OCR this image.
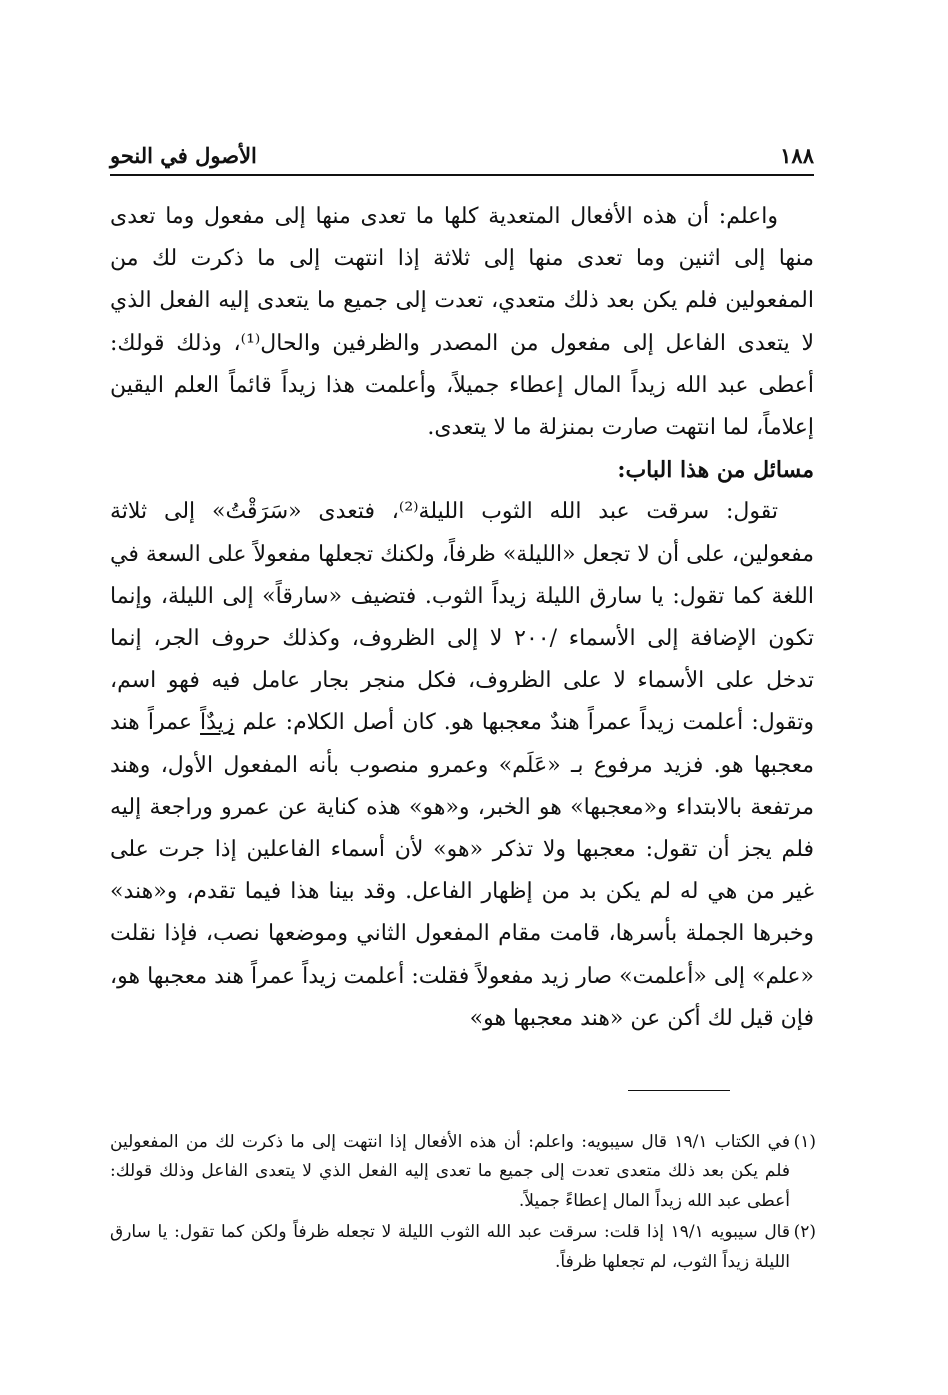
١٨٨
الأصول في النحو

واعلم: أن هذه الأفعال المتعدية كلها ما تعدى منها إلى مفعول وما تعدى منها إلى اثنين وما تعدى منها إلى ثلاثة إذا انتهت إلى ما ذكرت لك من المفعولين فلم يكن بعد ذلك متعدي، تعدت إلى جميع ما يتعدى إليه الفعل الذي لا يتعدى الفاعل إلى مفعول من المصدر والظرفين والحال⁽¹⁾، وذلك قولك: أعطى عبد الله زيداً المال إعطاء جميلاً، وأعلمت هذا زيداً قائماً العلم اليقين إعلاماً، لما انتهت صارت بمنزلة ما لا يتعدى.

مسائل من هذا الباب:

تقول: سرقت عبد الله الثوب الليلة⁽²⁾، فتعدى «سَرَقْتُ» إلى ثلاثة مفعولين، على أن لا تجعل «الليلة» ظرفاً، ولكنك تجعلها مفعولاً على السعة في اللغة كما تقول: يا سارق الليلة زيداً الثوب. فتضيف «سارقاً» إلى الليلة، وإنما تكون الإضافة إلى الأسماء /٢٠٠ لا إلى الظروف، وكذلك حروف الجر، إنما تدخل على الأسماء لا على الظروف، فكل منجر بجار عامل فيه فهو اسم، وتقول: أعلمت زيداً عمراً هندٌ معجبها هو. كان أصل الكلام: علم زيدٌاً عمراً هند معجبها هو. فزيد مرفوع بـ «عَلَم» وعمرو منصوب بأنه المفعول الأول، وهند مرتفعة بالابتداء و«معجبها» هو الخبر، و«هو» هذه كناية عن عمرو وراجعة إليه فلم يجز أن تقول: معجبها ولا تذكر «هو» لأن أسماء الفاعلين إذا جرت على غير من هي له لم يكن بد من إظهار الفاعل. وقد بينا هذا فيما تقدم، و«هند» وخبرها الجملة بأسرها، قامت مقام المفعول الثاني وموضعها نصب، فإذا نقلت «علم» إلى «أعلمت» صار زيد مفعولاً فقلت: أعلمت زيداً عمراً هند معجبها هو، فإن قيل لك أكن عن «هند معجبها هو»

(١)
في الكتاب ١٩/١ قال سيبويه: واعلم: أن هذه الأفعال إذا انتهت إلى ما ذكرت لك من المفعولين فلم يكن بعد ذلك متعدى تعدت إلى جميع ما تعدى إليه الفعل الذي لا يتعدى الفاعل وذلك قولك: أعطى عبد الله زيداً المال إعطاءً جميلاً.

(٢)
قال سيبويه ١٩/١ إذا قلت: سرقت عبد الله الثوب الليلة لا تجعله ظرفاً ولكن كما تقول: يا سارق الليلة زيداً الثوب، لم تجعلها ظرفاً.
